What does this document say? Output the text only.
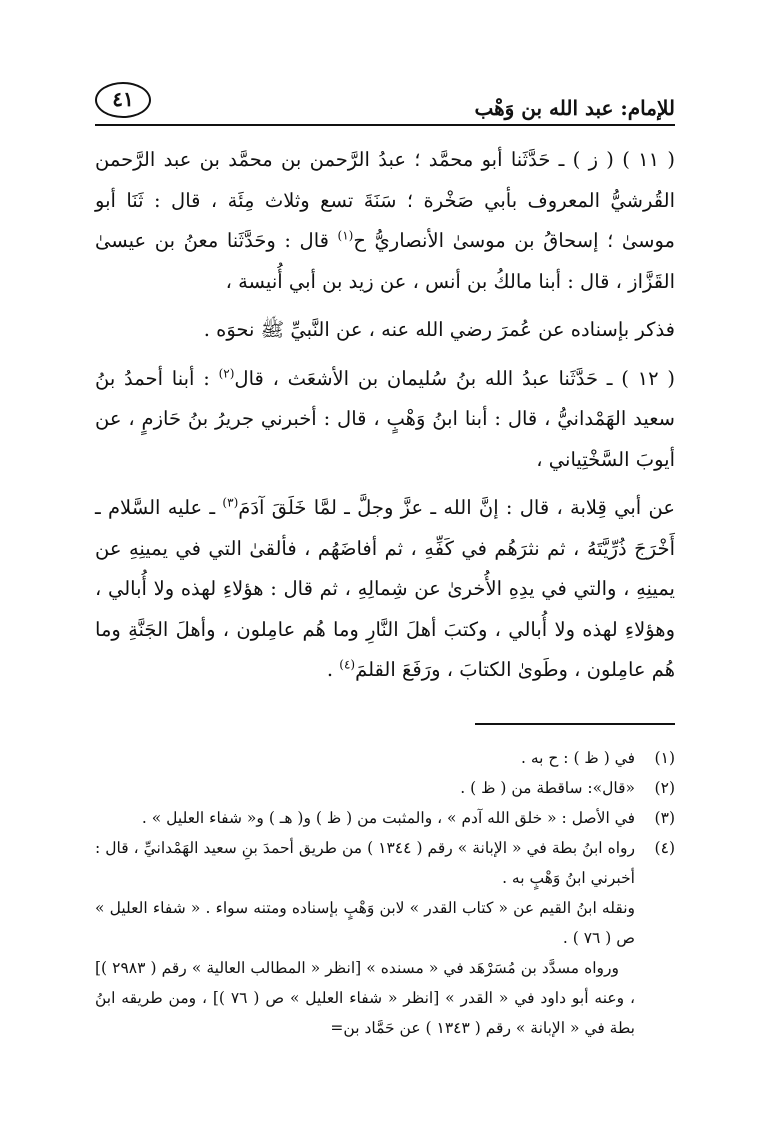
للإمام: عبد الله بن وَهْب
٤١

( ١١ ) ( ز ) ـ حَدَّثَنا أبو محمَّد ؛ عبدُ الرَّحمن بن محمَّد بن عبد الرَّحمن القُرشيُّ المعروف بأبي صَخْرة ؛ سَنَةَ تسع وثلاث مِئَة ، قال : ثَنَا أبو موسىٰ ؛ إسحاقُ بن موسىٰ الأنصاريُّ ح$^{(١)}$ قال : وحَدَّثَنا معنُ بن عيسىٰ القَزَّاز ، قال : أبنا مالكُ بن أنس ، عن زيد بن أبي أُنيسة ،

فذكر بإسناده عن عُمرَ رضي الله عنه ، عن النَّبيِّ ﷺ نحوَه .

( ١٢ ) ـ حَدَّثَنا عبدُ الله بنُ سُليمان بن الأشعَث ، قال$^{(٢)}$ : أبنا أحمدُ بنُ سعيد الهَمْدانيُّ ، قال : أبنا ابنُ وَهْبٍ ، قال : أخبرني جريرُ بنُ حَازمٍ ، عن أيوبَ السَّخْتِياني ،

عن أبي قِلابة ، قال : إنَّ الله ـ عزَّ وجلَّ ـ لمَّا خَلَقَ آدَمَ$^{(٣)}$ ـ عليه السَّلام ـ أَخْرَجَ ذُرِّيَّتَهُ ، ثم نثرَهُم في كَفِّهِ ، ثم أفاضَهُم ، فألقىٰ التي في يمينِهِ عن يمينِهِ ، والتي في يدِهِ الأُخرىٰ عن شِمالِهِ ، ثم قال : هؤلاءِ لهذه ولا أُبالي ، وهؤلاءِ لهذه ولا أُبالي ، وكتبَ أهلَ النَّارِ وما هُم عامِلون ، وأهلَ الجَنَّةِ وما هُم عامِلون ، وطَوىٰ الكتابَ ، ورَفَعَ القلمَ$^{(٤)}$ .

(١)
في ( ظ ) : ح به .
(٢)
«قال»: ساقطة من ( ظ ) .
(٣)
في الأصل : « خلق الله آدم » ، والمثبت من ( ظ ) و( هـ ) و« شفاء العليل » .
(٤)
رواه ابنُ بطة في « الإبانة » رقم ( ١٣٤٤ ) من طريق أحمدَ بنِ سعيد الهَمْدانيِّ ، قال : أخبرني ابنُ وَهْبٍ به .
ونقله ابنُ القيم عن « كتاب القدر » لابن وَهْبٍ بإسناده ومتنه سواء . « شفاء العليل » ص ( ٧٦ ) .
ورواه مسدَّد بن مُسَرْهَد في « مسنده » [انظر « المطالب العالية » رقم ( ٢٩٨٣ )] ، وعنه أبو داود في « القدر » [انظر « شفاء العليل » ص ( ٧٦ )] ، ومن طريقه ابنُ بطة في « الإبانة » رقم ( ١٣٤٣ ) عن حَمَّاد بن=
